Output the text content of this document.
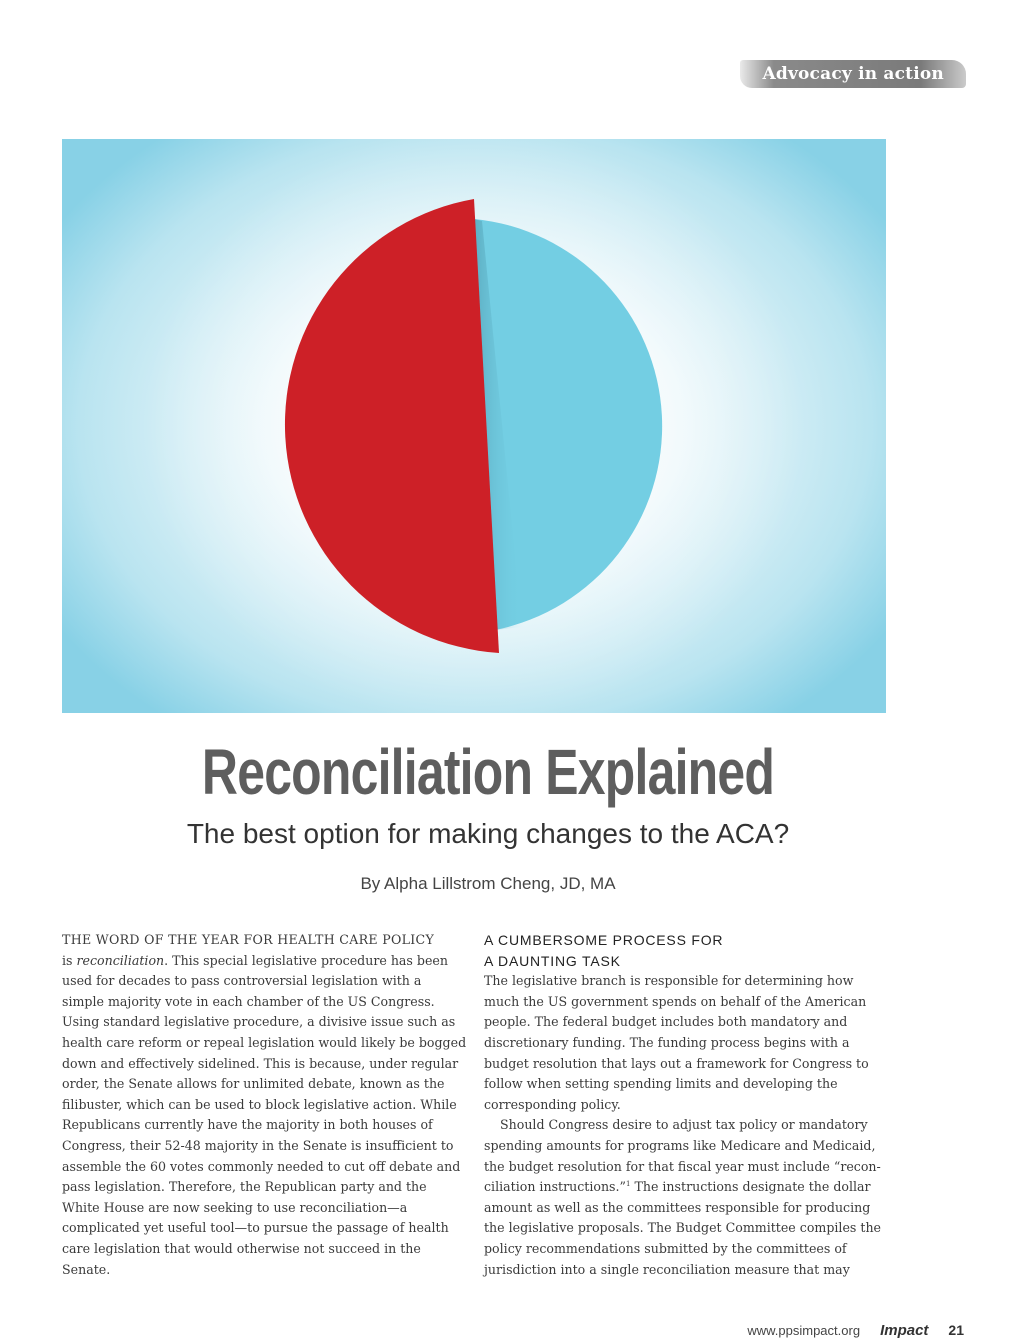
Advocacy in action
Reconciliation Explained
The best option for making changes to the ACA?
By Alpha Lillstrom Cheng, JD, MA

THE WORD OF THE YEAR FOR HEALTH CARE POLICY
is reconciliation. This special legislative procedure has been used for decades to pass controversial legislation with a simple majority vote in each chamber of the US Congress. Using standard legislative procedure, a divisive issue such as health care reform or repeal legislation would likely be bogged down and effectively sidelined. This is because, under regular order, the Senate allows for unlimited debate, known as the filibuster, which can be used to block legislative action. While Republicans currently have the majority in both houses of Congress, their 52-48 majority in the Senate is insufficient to assemble the 60 votes commonly needed to cut off debate and pass legislation. Therefore, the Republican party and the White House are now seeking to use reconciliation—a complicated yet useful tool—to pursue the passage of health care legislation that would otherwise not succeed in the Senate.

A CUMBERSOME PROCESS FOR
A DAUNTING TASK

The legislative branch is responsible for determining how much the US government spends on behalf of the American people. The federal budget includes both mandatory and discretionary funding. The funding process begins with a budget resolution that lays out a framework for Congress to follow when setting spending limits and developing the corresponding policy.

Should Congress desire to adjust tax policy or mandatory spending amounts for programs like Medicare and Medicaid, the budget resolution for that fiscal year must include “recon-ciliation instructions.”$^1$ The instructions designate the dollar amount as well as the committees responsible for producing the legislative proposals. The Budget Committee compiles the policy recommendations submitted by the committees of jurisdiction into a single reconciliation measure that may

www.ppsimpact.org Impact 21
